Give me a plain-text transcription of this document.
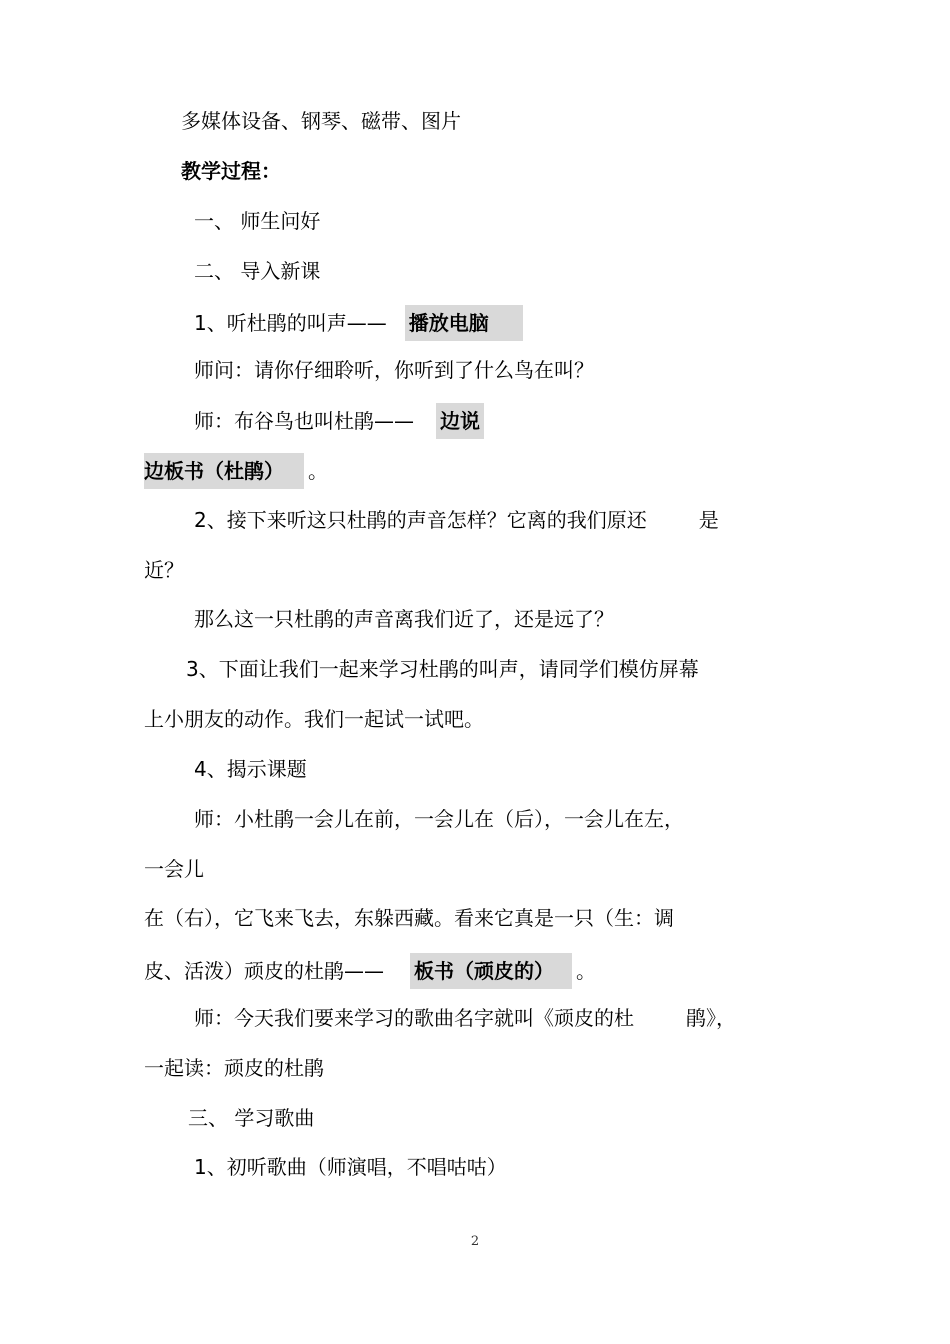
多媒体设备、钢琴、磁带、图片
教学过程：
一、 师生问好
二、 导入新课
1、听杜鹃的叫声—— 播放电脑
师问：请你仔细聆听，你听到了什么鸟在叫？
师：布谷鸟也叫杜鹃—— 边说
边板书（杜鹃） 。
2、接下来听这只杜鹃的声音怎样？它离的我们原还	是
近？
那么这一只杜鹃的声音离我们近了，还是远了？
3、下面让我们一起来学习杜鹃的叫声，请同学们模仿屏幕
上小朋友的动作。我们一起试一试吧。
4、揭示课题
师：小杜鹃一会儿在前，一会儿在（后），一会儿在左，
一会儿
在（右），它飞来飞去，东躲西藏。看来它真是一只（生：调
皮、活泼）顽皮的杜鹃—— 板书（顽皮的） 。
师：今天我们要来学习的歌曲名字就叫《顽皮的杜	鹃》，
一起读：顽皮的杜鹃
三、 学习歌曲
1、初听歌曲（师演唱，不唱咕咕）
2
